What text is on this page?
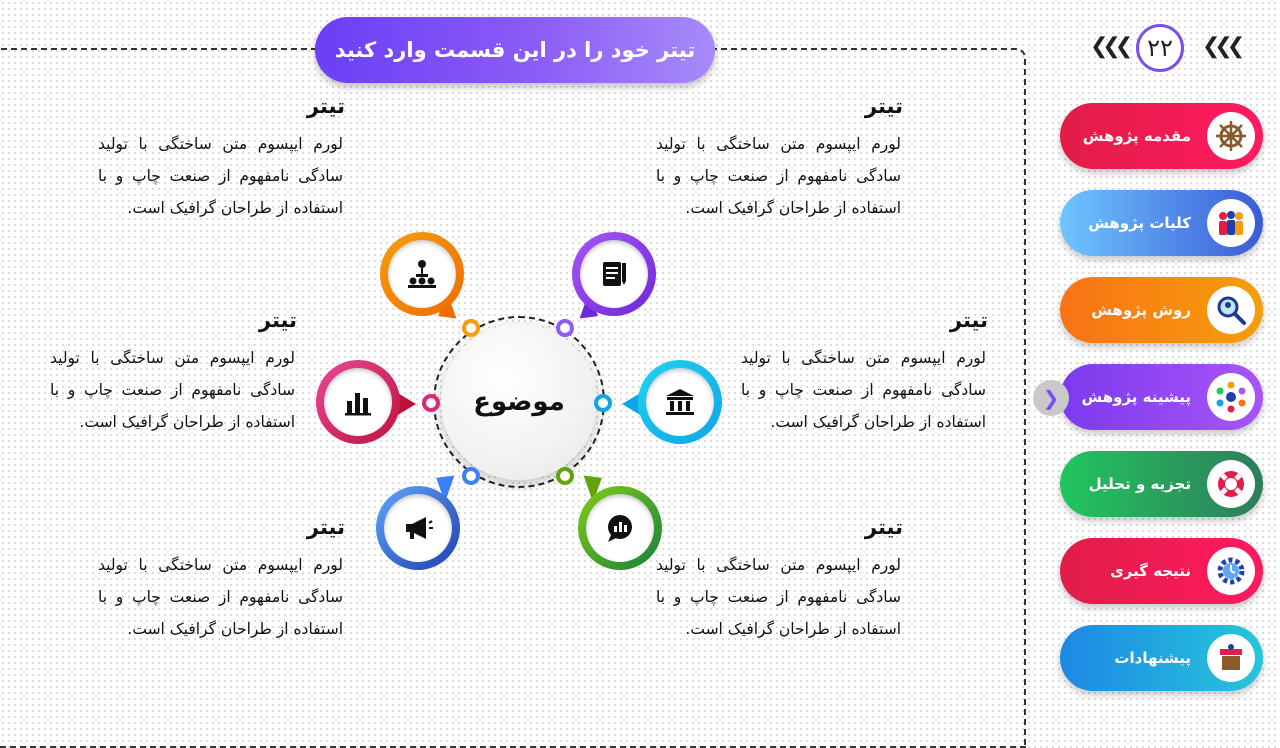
تیتر خود را در این قسمت وارد کنید	❮❮❮ ۲۲	❮❮❮
مقدمه پژوهش
کلیات پژوهش
روش پژوهش
پیشینه پژوهش
تجزیه و تحلیل
نتیجه گیری
پیشنهادات
❯
موضوع
تیتر
لورم ایپسوم متن ساختگی با تولید سادگی نامفهوم از صنعت چاپ و با استفاده از طراحان گرافیک است.
تیتر
لورم ایپسوم متن ساختگی با تولید سادگی نامفهوم از صنعت چاپ و با استفاده از طراحان گرافیک است.
تیتر
لورم ایپسوم متن ساختگی با تولید سادگی نامفهوم از صنعت چاپ و با استفاده از طراحان گرافیک است.
تیتر
لورم ایپسوم متن ساختگی با تولید سادگی نامفهوم از صنعت چاپ و با استفاده از طراحان گرافیک است.
تیتر
لورم ایپسوم متن ساختگی با تولید سادگی نامفهوم از صنعت چاپ و با استفاده از طراحان گرافیک است.
تیتر
لورم ایپسوم متن ساختگی با تولید سادگی نامفهوم از صنعت چاپ و با استفاده از طراحان گرافیک است.
